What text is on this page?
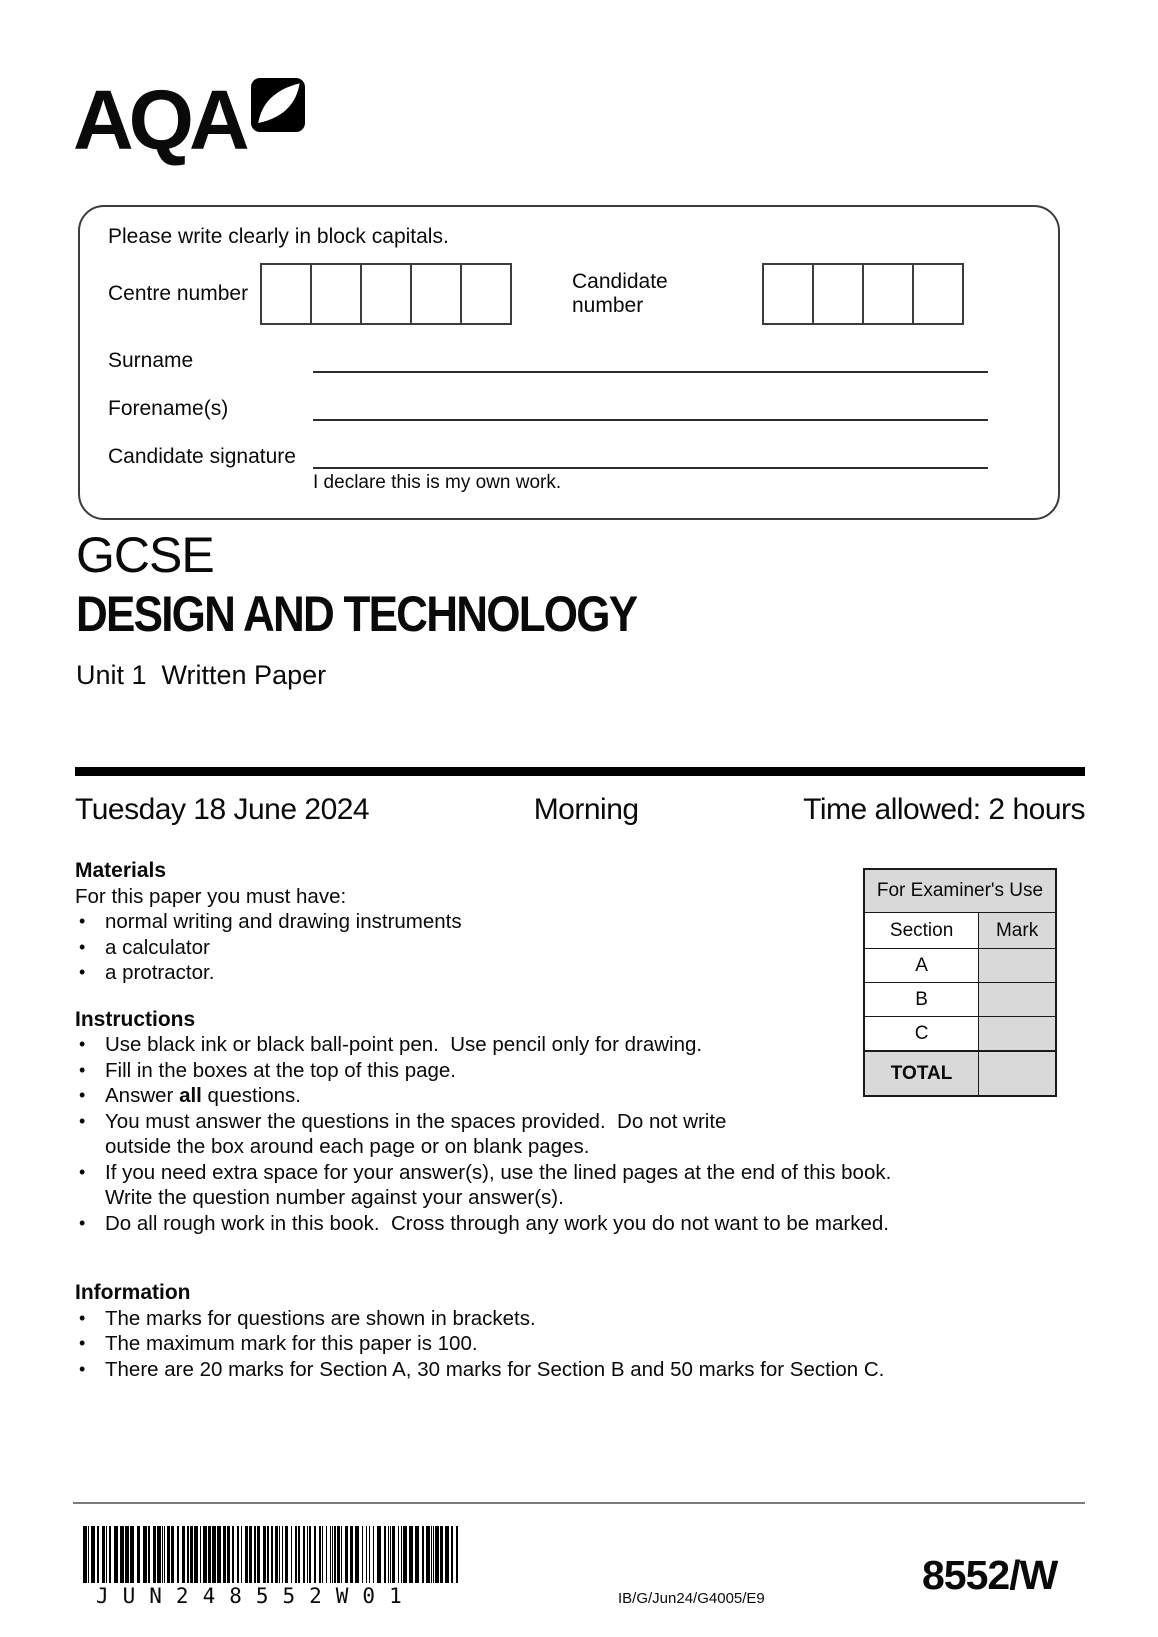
AQA
Please write clearly in block capitals.
Centre number
Candidate number
Surname
Forename(s)
Candidate signature
I declare this is my own work.
GCSE
DESIGN AND TECHNOLOGY
Unit 1  Written Paper
Tuesday 18 June 2024	Morning	Time allowed: 2 hours
Materials
For this paper you must have:
• normal writing and drawing instruments
• a calculator
• a protractor.
Instructions
• Use black ink or black ball-point pen.  Use pencil only for drawing.
• Fill in the boxes at the top of this page.
• Answer all questions.
• You must answer the questions in the spaces provided.  Do not write
outside the box around each page or on blank pages.
• If you need extra space for your answer(s), use the lined pages at the end of this book.
Write the question number against your answer(s).
• Do all rough work in this book.  Cross through any work you do not want to be marked.
Information
• The marks for questions are shown in brackets.
• The maximum mark for this paper is 100.
• There are 20 marks for Section A, 30 marks for Section B and 50 marks for Section C.
For Examiner's Use	
Section	Mark
A	
B	
C	
TOTAL	
JUN248552W01	IB/G/Jun24/G4005/E9
8552/W
